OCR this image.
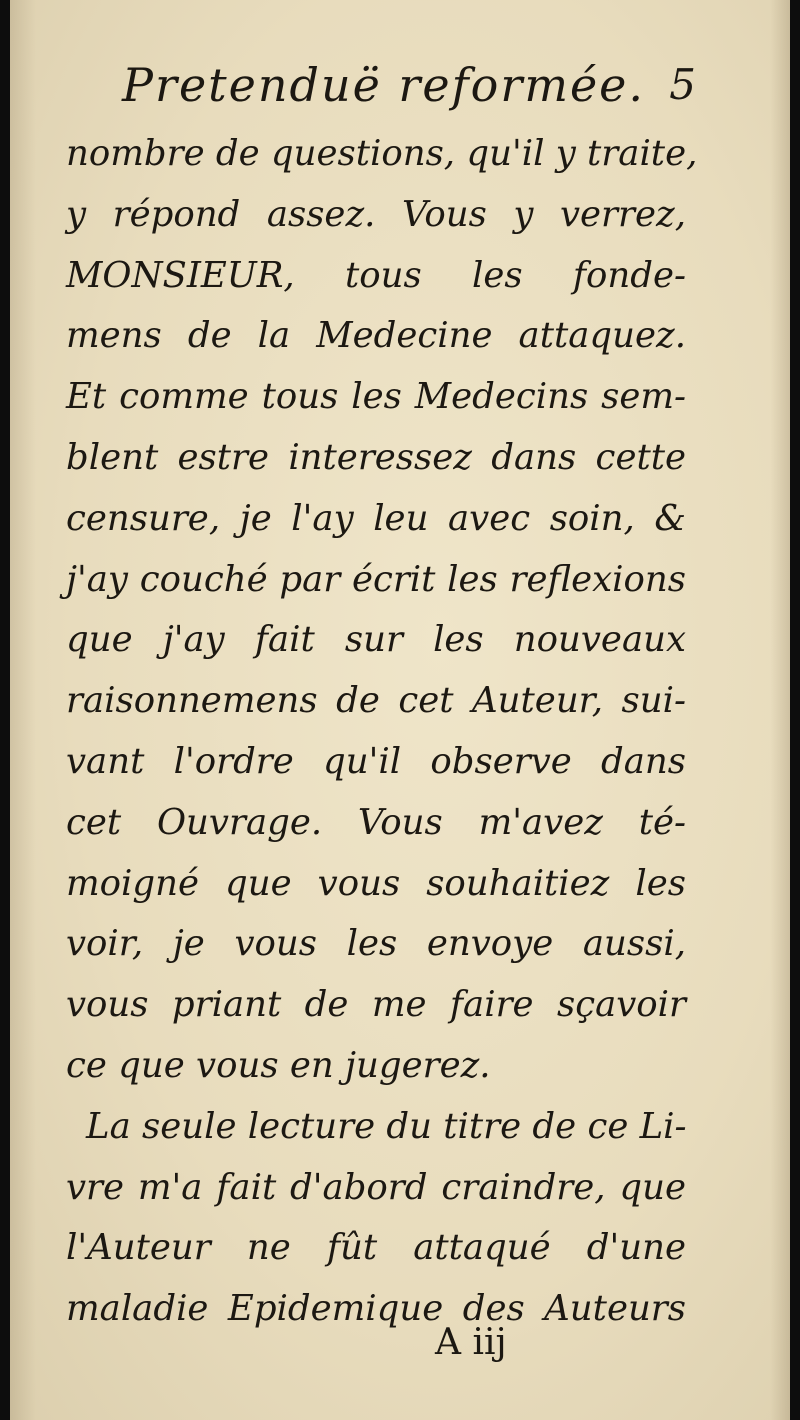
Pretenduë reformée. 5
nombre de questions, qu'il y traite,
y répond assez. Vous y verrez,
MONSIEUR, tous les fonde-
mens de la Medecine attaquez.
Et comme tous les Medecins sem-
blent estre interessez dans cette
censure, je l'ay leu avec soin, &
j'ay couché par écrit les reflexions
que j'ay fait sur les nouveaux
raisonnemens de cet Auteur, sui-
vant l'ordre qu'il observe dans
cet Ouvrage. Vous m'avez té-
moigné que vous souhaitiez les
voir, je vous les envoye aussi,
vous priant de me faire sçavoir
ce que vous en jugerez.
La seule lecture du titre de ce Li-
vre m'a fait d'abord craindre, que
l'Auteur ne fût attaqué d'une
maladie Epidemique des Auteurs
A iij
